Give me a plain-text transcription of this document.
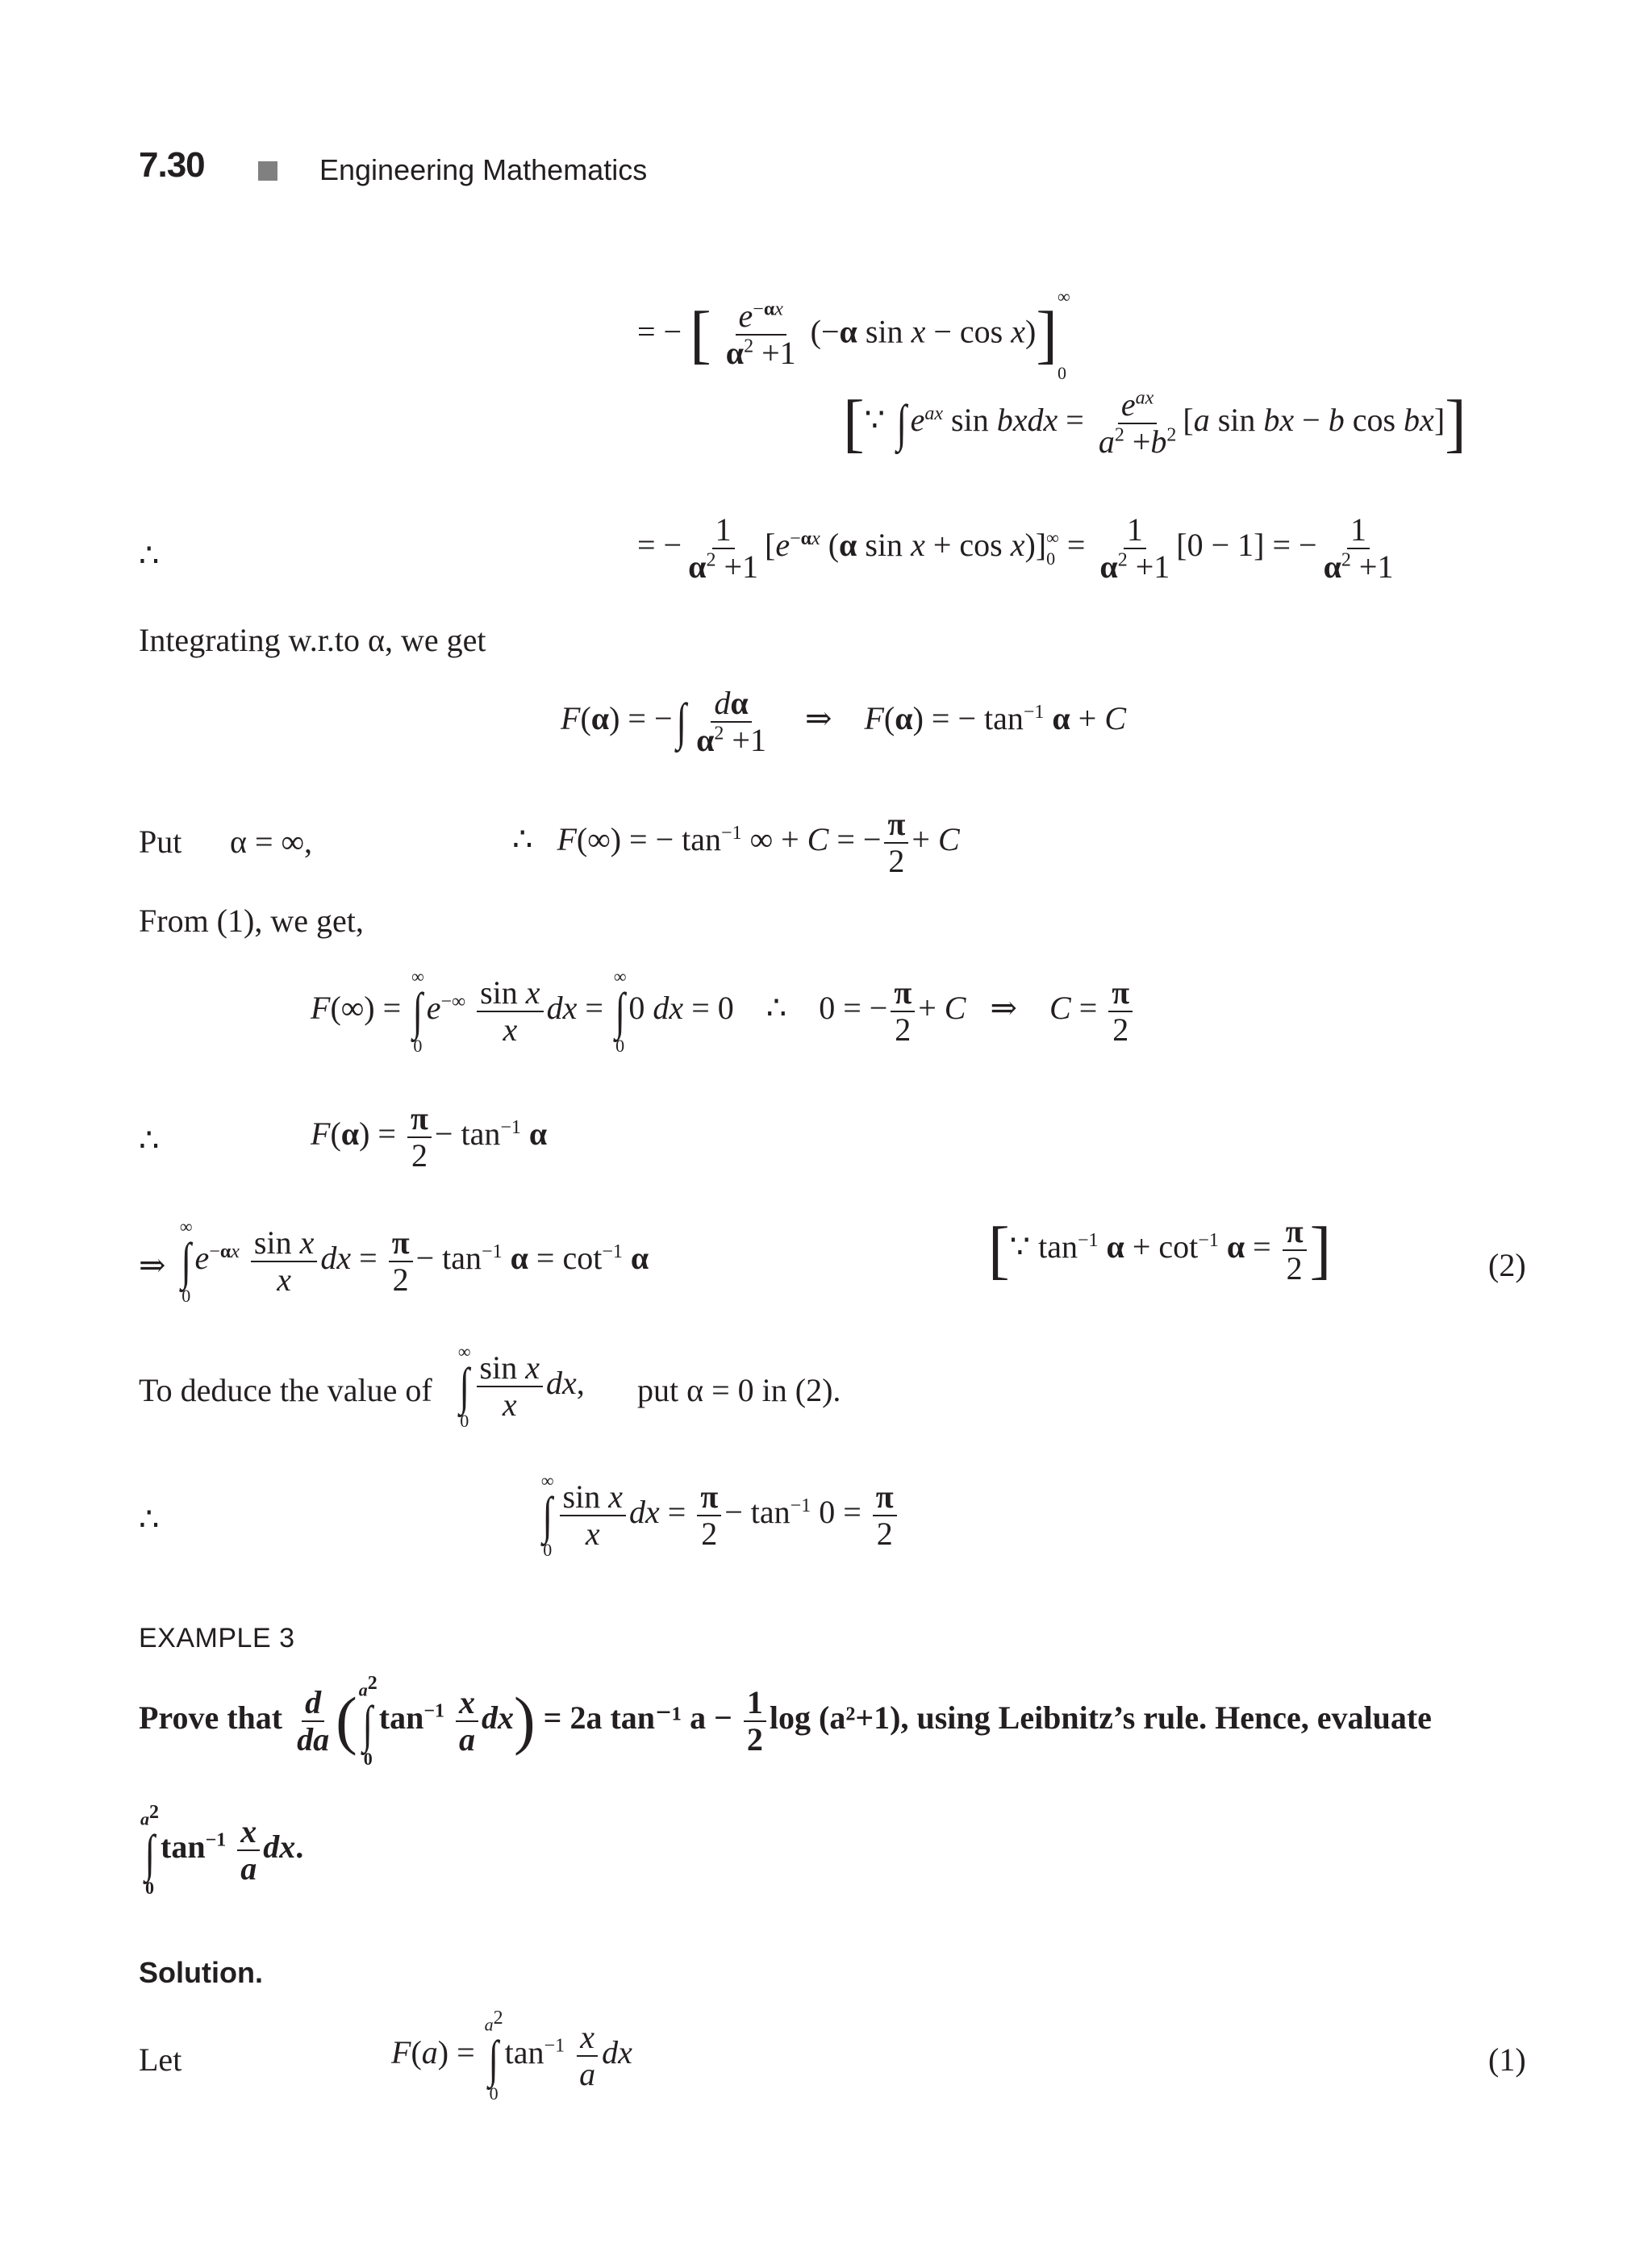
7.30	Engineering Mathematics
= − [ $\frac{e^{-\alpha x}}{\alpha^2 +1} (-\alpha$ sin x − cos x)]
∞
0
[∵ ∫ $e^{ax}$ sin bxdx = $\frac{e^{ax}}{a^2 +b^2} [a$ sin bx − b cos bx]]
∴	= − $\frac{1}{\alpha^2 +1} [e^{-\alpha x}$ (α sin x + cos x)] ∞
$0 = \frac{1}{\alpha^2 +1} [0 - 1]$ = − $\frac{1}{\alpha^2 +1}$
Integrating w.r.to α, we get
F(α) = − ∫ $\frac{d\alpha}{\alpha^2 +1}$ ⇒    F(α) = − $\tan^{-1} \alpha + C$
Put α = ∞,	∴   F(∞) = − $\tan^{-1}$ ∞ + C = − $\frac{\pi}{2} + C$
From (1), we get,
F(∞) =
∞
∫
0
$e^{-\infty} \frac{\text{sin x}}{x}$ dx =
∞
∫
0
0 dx = 0    ∴    0 = − $\frac{\pi}{2} + C$   ⇒    $C = \frac{\pi}{2}$
∴	$F(\alpha) = \frac{\pi}{2} - \tan^{-1} \alpha$
⇒
∞
∫
0
$e^{-\alpha x} \frac{\text{sin x}}{x}$ dx = $\frac{\pi}{2} - \tan^{-1} \alpha = \cot^{-1} \alpha$	[∵ $\tan^{-1} \alpha + \cot^{-1} \alpha = \frac{\pi}{2}$ ]	(2)
To deduce the value of
∞
∫
$0 \frac{\text{sin x}}{x}$ dx, put α = 0 in (2).
∴
∞
∫
$0 \frac{\text{sin x}}{x}$ dx = $\frac{\pi}{2} - \tan^{-1} 0 = \frac{\pi}{2}$
EXAMPLE 3
Prove that $\frac{d}{da}$ ( $a^2$
∫
0
$\tan^{-1} \frac{x}{a} dx) = 2a$ tan⁻¹ $a - \frac{1}{2}$ log (a²+1), using Leibnitz’s rule. Hence, evaluate
$a^2$
∫
0
$\tan^{-1} \frac{x}{a}$ dx.
Solution.
Let	F(a) =
$a^2$
∫
0
$\tan^{-1} \frac{x}{a}$ dx	(1)
